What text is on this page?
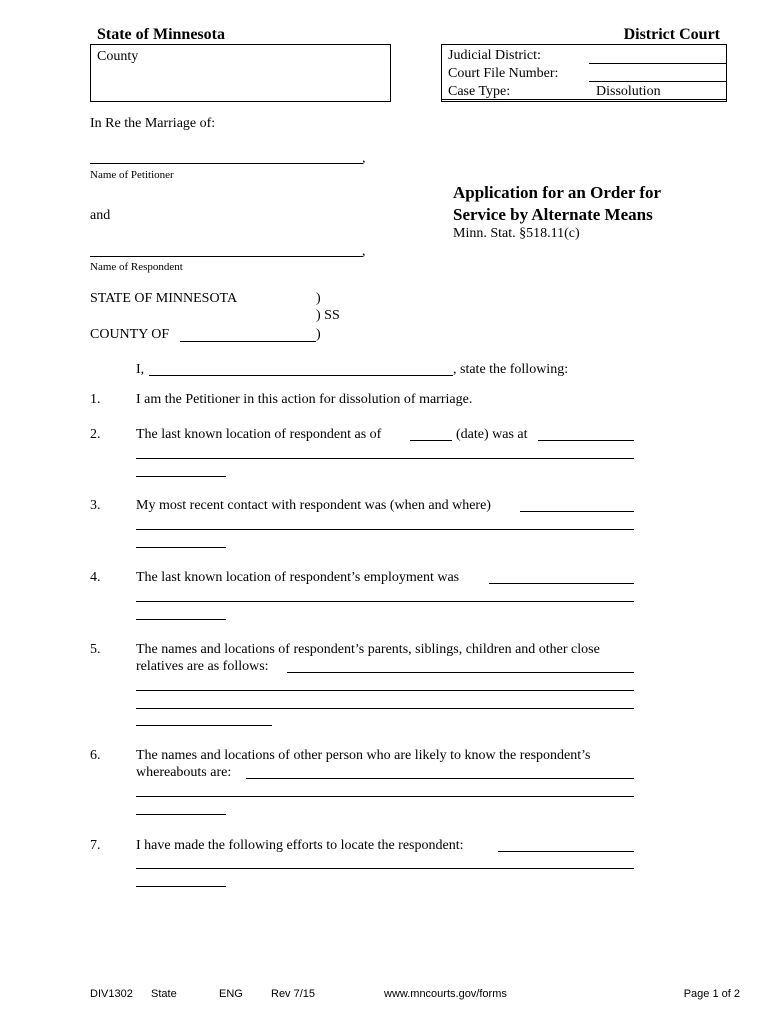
State of Minnesota	District Court
County	Judicial District:
Court File Number:
Case Type:	Dissolution
In Re the Marriage of:
,
Name of Petitioner
and
,
Name of Respondent
Application for an Order for
Service by Alternate Means
Minn. Stat. §518.11(c)
STATE OF MINNESOTA	)
) SS
COUNTY OF	)
I,	, state the following:
1.	I am the Petitioner in this action for dissolution of marriage.
2.	The last known location of respondent as of	(date) was at
3.	My most recent contact with respondent was (when and where)
4.	The last known location of respondent’s employment was
5.	The names and locations of respondent’s parents, siblings, children and other close
relatives are as follows:
6.	The names and locations of other person who are likely to know the respondent’s
whereabouts are:
7.	I have made the following efforts to locate the respondent:
DIV1302 State	ENG	Rev 7/15	www.mncourts.gov/forms	Page 1 of 2
